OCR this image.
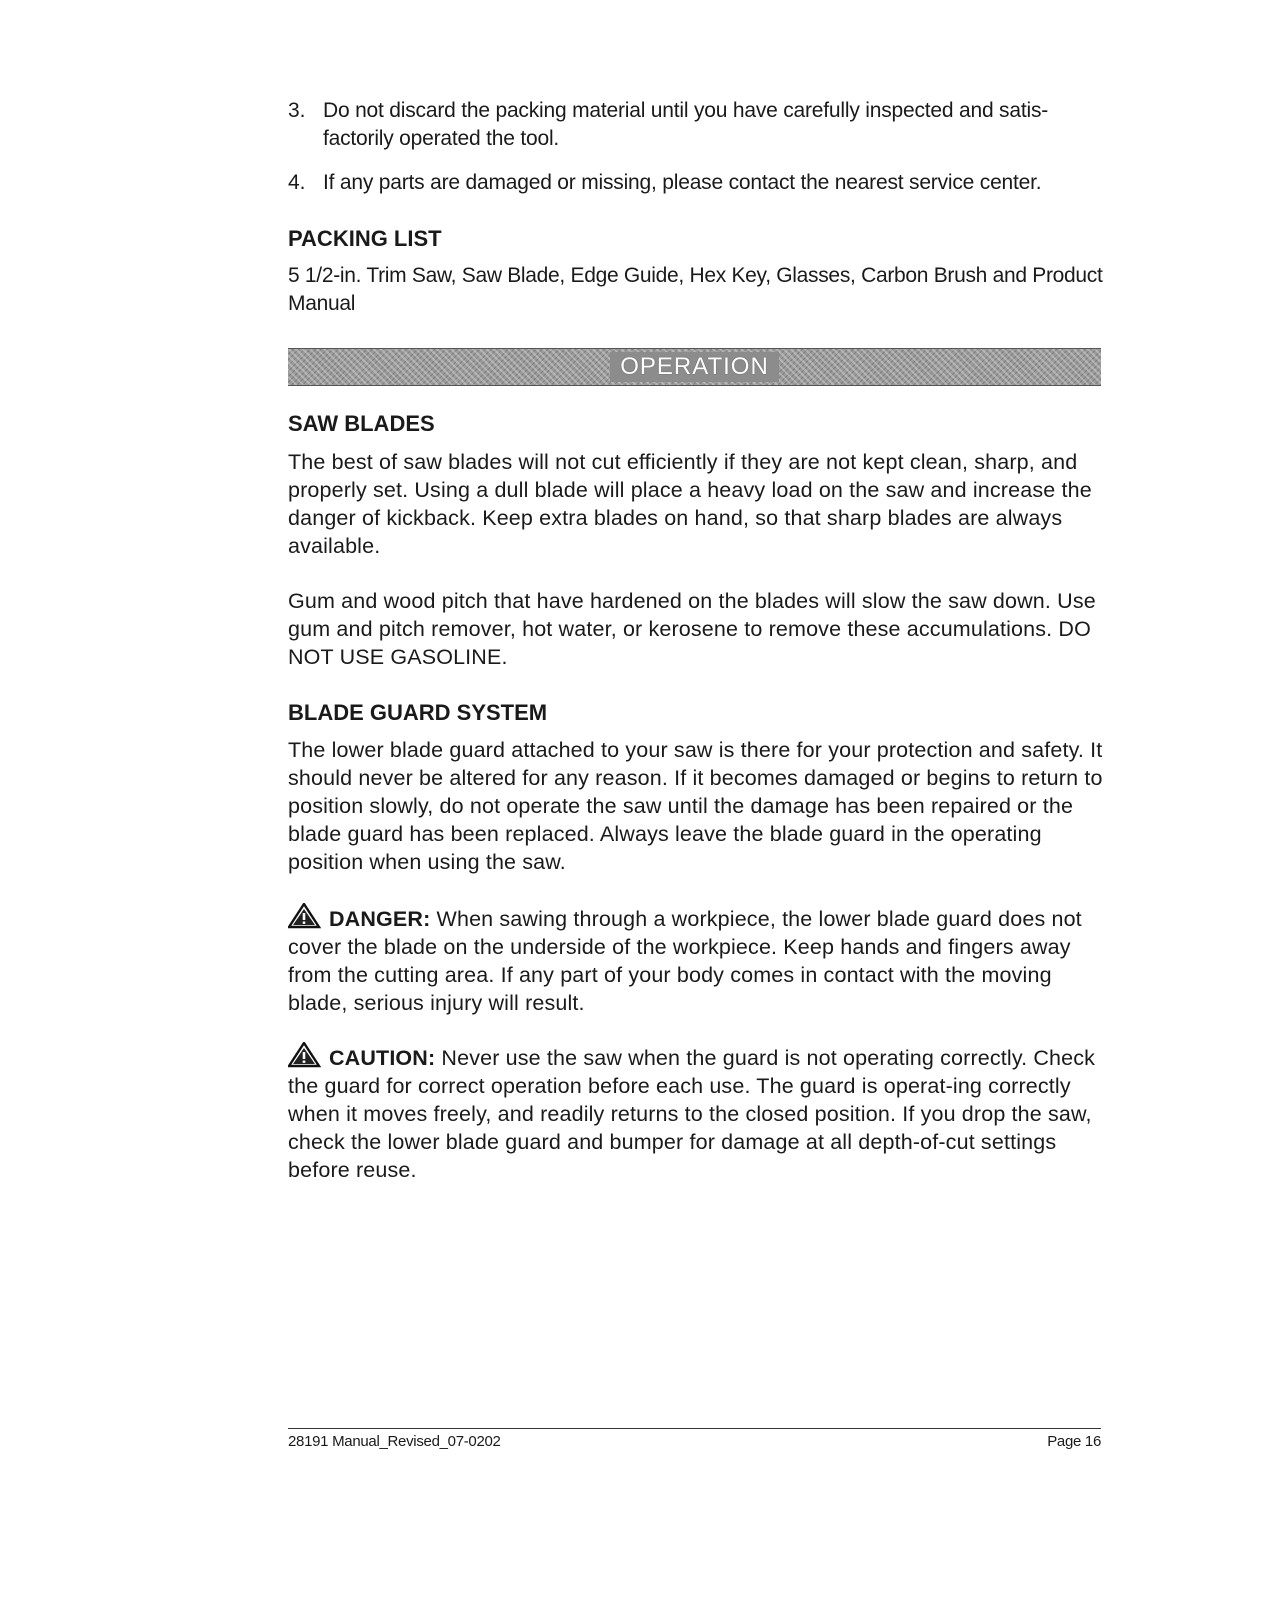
3. Do not discard the packing material until you have carefully inspected and satis-factorily operated the tool.
4. If any parts are damaged or missing, please contact the nearest service center.
PACKING LIST
5 1/2-in. Trim Saw, Saw Blade, Edge Guide, Hex Key, Glasses, Carbon Brush and Product Manual
OPERATION
SAW BLADES
The best of saw blades will not cut efficiently if they are not kept clean, sharp, and properly set. Using a dull blade will place a heavy load on the saw and increase the danger of kickback. Keep extra blades on hand, so that sharp blades are always available.
Gum and wood pitch that have hardened on the blades will slow the saw down. Use gum and pitch remover, hot water, or kerosene to remove these accumulations. DO NOT USE GASOLINE.
BLADE GUARD SYSTEM
The lower blade guard attached to your saw is there for your protection and safety. It should never be altered for any reason. If it becomes damaged or begins to return to position slowly, do not operate the saw until the damage has been repaired or the blade guard has been replaced. Always leave the blade guard in the operating position when using the saw.
DANGER: When sawing through a workpiece, the lower blade guard does not cover the blade on the underside of the workpiece. Keep hands and fingers away from the cutting area. If any part of your body comes in contact with the moving blade, serious injury will result.
CAUTION: Never use the saw when the guard is not operating correctly. Check the guard for correct operation before each use. The guard is operat-ing correctly when it moves freely, and readily returns to the closed position. If you drop the saw, check the lower blade guard and bumper for damage at all depth-of-cut settings before reuse.
28191 Manual_Revised_07-0202	Page 16
